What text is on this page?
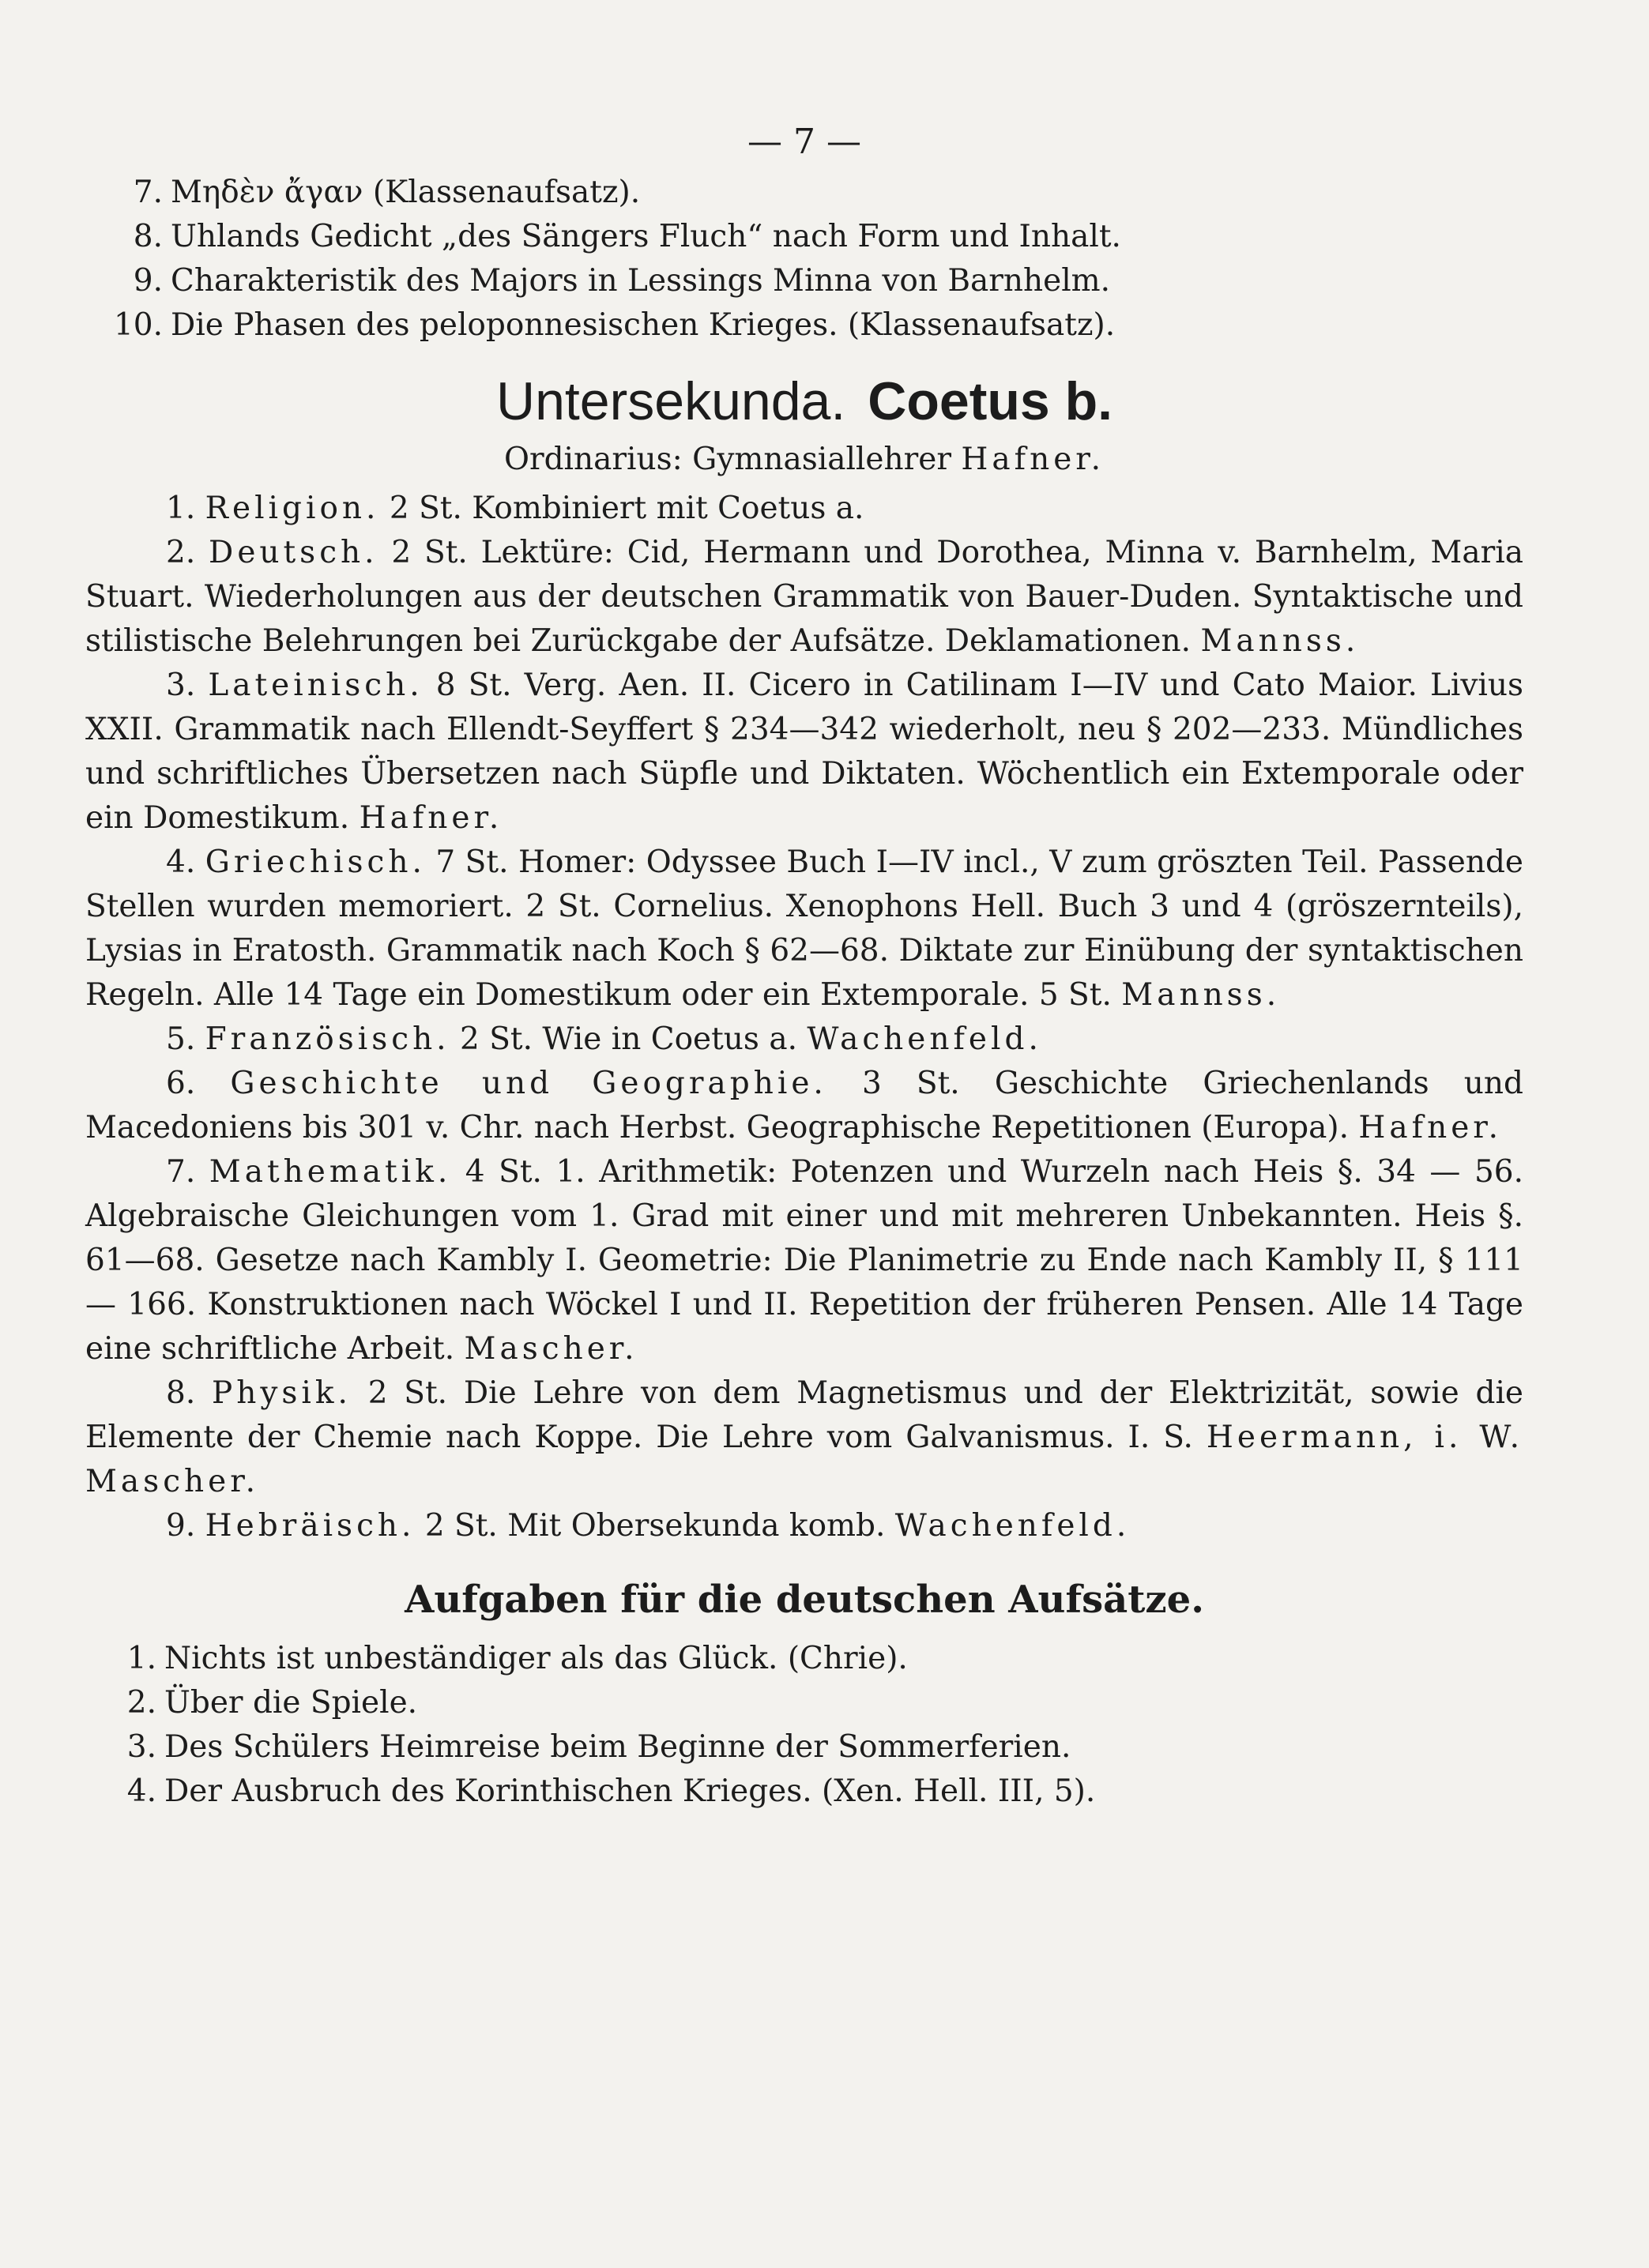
— 7 —

7. Μηδὲν ἄγαν (Klassenaufsatz).

8. Uhlands Gedicht „des Sängers Fluch“ nach Form und Inhalt.

9. Charakteristik des Majors in Lessings Minna von Barnhelm.

10. Die Phasen des peloponnesischen Krieges. (Klassenaufsatz).

Untersekunda. Coetus b.
Ordinarius: Gymnasiallehrer Hafner.

1. Religion. 2 St. Kombiniert mit Coetus a.

2. Deutsch. 2 St. Lektüre: Cid, Hermann und Dorothea, Minna v. Barnhelm, Maria Stuart. Wiederholungen aus der deutschen Grammatik von Bauer-Duden. Syntaktische und stilistische Belehrungen bei Zurückgabe der Aufsätze. Deklamationen. Mannss.

3. Lateinisch. 8 St. Verg. Aen. II. Cicero in Catilinam I—IV und Cato Maior. Livius XXII. Grammatik nach Ellendt-Seyffert § 234—342 wiederholt, neu § 202—233. Mündliches und schriftliches Übersetzen nach Süpfle und Diktaten. Wöchentlich ein Extemporale oder ein Domestikum. Hafner.

4. Griechisch. 7 St. Homer: Odyssee Buch I—IV incl., V zum gröszten Teil. Passende Stellen wurden memoriert. 2 St. Cornelius. Xenophons Hell. Buch 3 und 4 (gröszernteils), Lysias in Eratosth. Grammatik nach Koch § 62—68. Diktate zur Einübung der syntaktischen Regeln. Alle 14 Tage ein Domestikum oder ein Extemporale. 5 St. Mannss.

5. Französisch. 2 St. Wie in Coetus a. Wachenfeld.

6. Geschichte und Geographie. 3 St. Geschichte Griechenlands und Macedoniens bis 301 v. Chr. nach Herbst. Geographische Repetitionen (Europa). Hafner.

7. Mathematik. 4 St. 1. Arithmetik: Potenzen und Wurzeln nach Heis §. 34 — 56. Algebraische Gleichungen vom 1. Grad mit einer und mit mehreren Unbekannten. Heis §. 61—68. Gesetze nach Kambly I. Geometrie: Die Planimetrie zu Ende nach Kambly II, § 111 — 166. Konstruktionen nach Wöckel I und II. Repetition der früheren Pensen. Alle 14 Tage eine schriftliche Arbeit. Mascher.

8. Physik. 2 St. Die Lehre von dem Magnetismus und der Elektrizität, sowie die Elemente der Chemie nach Koppe. Die Lehre vom Galvanismus. I. S. Heermann, i. W. Mascher.

9. Hebräisch. 2 St. Mit Obersekunda komb. Wachenfeld.

Aufgaben für die deutschen Aufsätze.

1. Nichts ist unbeständiger als das Glück. (Chrie).

2. Über die Spiele.

3. Des Schülers Heimreise beim Beginne der Sommerferien.

4. Der Ausbruch des Korinthischen Krieges. (Xen. Hell. III, 5).
